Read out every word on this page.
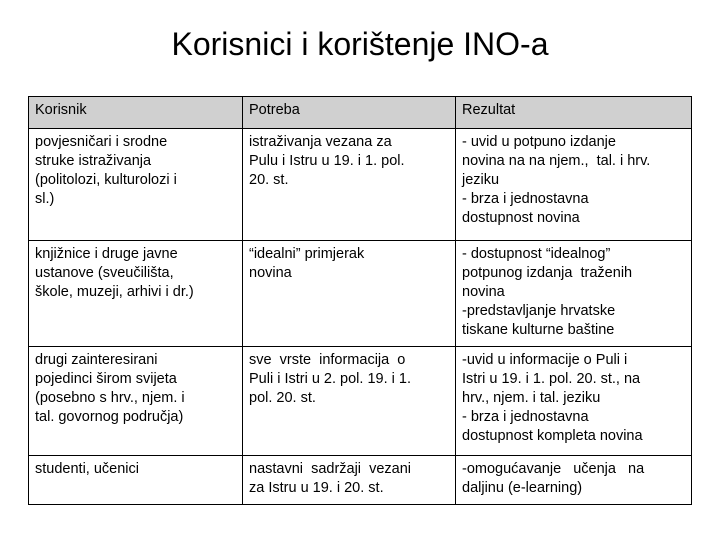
Korisnici i korištenje INO-a
Korisnik	Potreba	Rezultat

povjesničari i srodne
struke istraživanja
(politolozi, kulturolozi i
sl.)	istraživanja vezana za
Pulu i Istru u 19. i 1. pol.
20. st.	- uvid u potpuno izdanje
novina na na njem.,  tal. i hrv.
jeziku
- brza i jednostavna
dostupnost novina

knjižnice i druge javne
ustanove (sveučilišta,
škole, muzeji, arhivi i dr.)	“idealni” primjerak
novina	- dostupnost “idealnog”
potpunog izdanja  traženih
novina
-predstavljanje hrvatske
tiskane kulturne baštine

drugi zainteresirani
pojedinci širom svijeta
(posebno s hrv., njem. i
tal. govornog područja)	sve  vrste  informacija  o
Puli i Istri u 2. pol. 19. i 1.
pol. 20. st.	-uvid u informacije o Puli i
Istri u 19. i 1. pol. 20. st., na
hrv., njem. i tal. jeziku
- brza i jednostavna
dostupnost kompleta novina

studenti, učenici	nastavni  sadržaji  vezani
za Istru u 19. i 20. st.	-omogućavanje   učenja   na
daljinu (e-learning)
